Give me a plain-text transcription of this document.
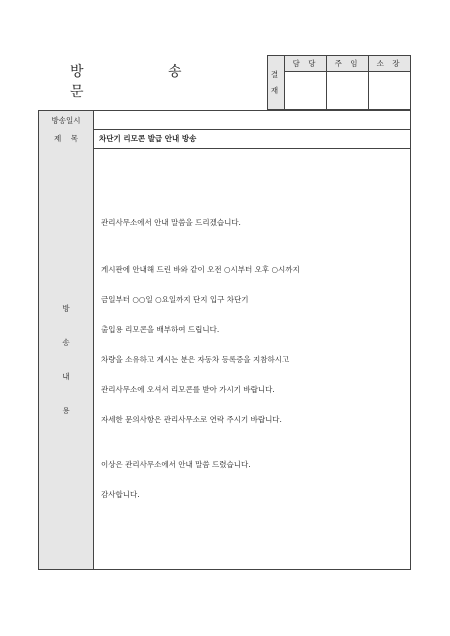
방 송 문
결재	담 당	주 임	소 장

방송일시
제    목	차단기 리모콘 발급 안내 방송
방
송
내
용

관리사무소에서 안내 말씀을 드리겠습니다.

게시판에 안내해 드린 바와 같이 오전 ○시부터 오후 ○시까지

금일부터 ○○일 ○요일까지 단지 입구 차단기

출입용 리모콘을 배부하여 드립니다.

차량을 소유하고 계시는 분은 자동차 등록증을 지참하시고

관리사무소에 오셔서 리모콘를 받아 가시기 바랍니다.

자세한 문의사항은 관리사무소로 연락 주시기 바랍니다.

이상은 관리사무소에서 안내 말씀 드렸습니다.

감사합니다.
